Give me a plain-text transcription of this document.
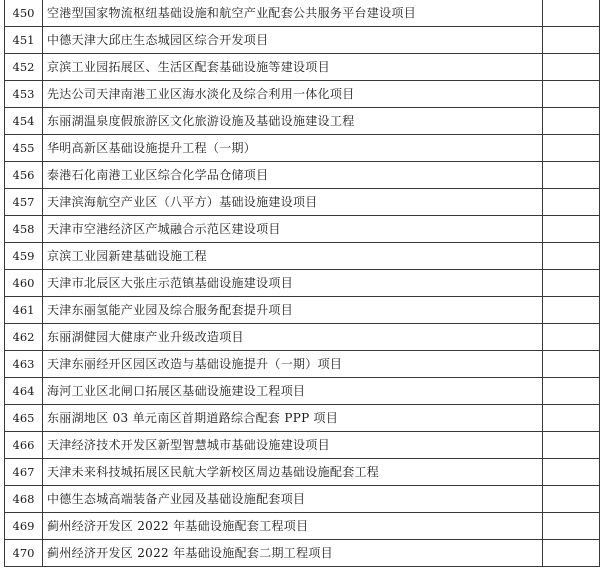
450	空港型国家物流枢纽基础设施和航空产业配套公共服务平台建设项目	
451	中德天津大邱庄生态城园区综合开发项目	
452	京滨工业园拓展区、生活区配套基础设施等建设项目	
453	先达公司天津南港工业区海水淡化及综合利用一体化项目	
454	东丽湖温泉度假旅游区文化旅游设施及基础设施建设工程	
455	华明高新区基础设施提升工程（一期）	
456	泰港石化南港工业区综合化学品仓储项目	
457	天津滨海航空产业区（八平方）基础设施建设项目	
458	天津市空港经济区产城融合示范区建设项目	
459	京滨工业园新建基础设施工程	
460	天津市北辰区大张庄示范镇基础设施建设项目	
461	天津东丽氢能产业园及综合服务配套提升项目	
462	东丽湖健园大健康产业升级改造项目	
463	天津东丽经开区园区改造与基础设施提升（一期）项目	
464	海河工业区北闸口拓展区基础设施建设工程项目	
465	东丽湖地区 03 单元南区首期道路综合配套 PPP 项目	
466	天津经济技术开发区新型智慧城市基础设施建设项目	
467	天津未来科技城拓展区民航大学新校区周边基础设施配套工程	
468	中德生态城高端装备产业园及基础设施配套项目	
469	蓟州经济开发区 2022 年基础设施配套工程项目	
470	蓟州经济开发区 2022 年基础设施配套二期工程项目	
